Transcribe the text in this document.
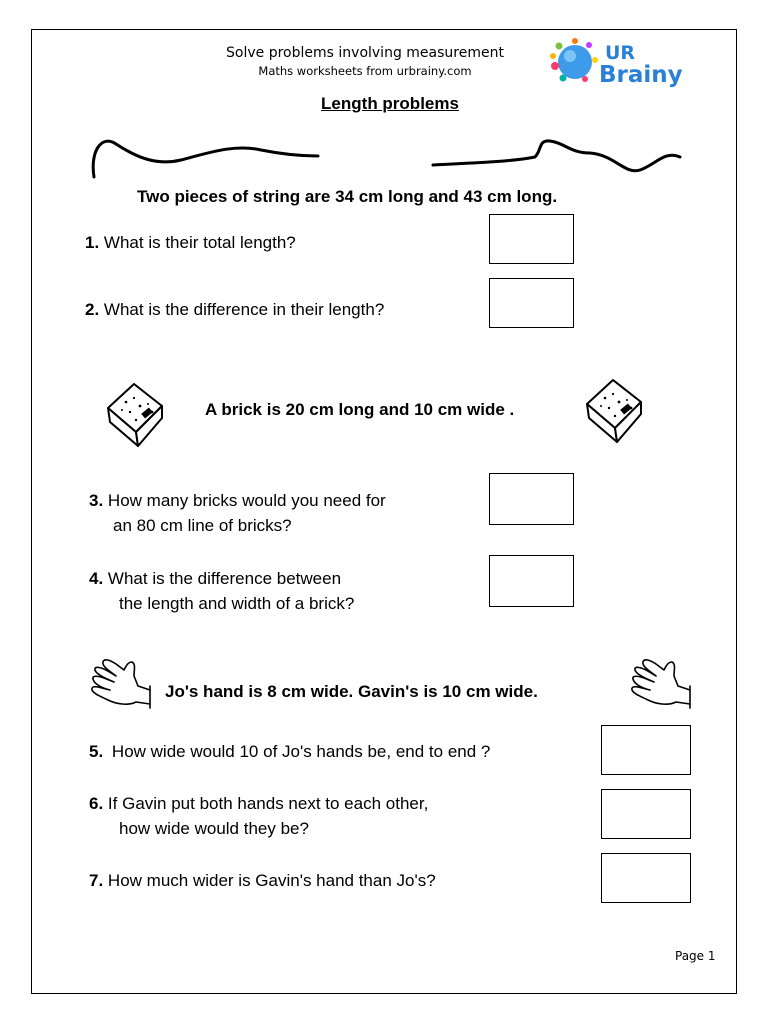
Solve problems involving measurement
Maths worksheets from urbrainy.com
UR
Brainy
Length problems
Two pieces of string are 34 cm long and 43 cm long.
1. What is their total length?
2. What is the difference in their length?
A brick is 20 cm long and 10 cm wide .
3. How many bricks would you need for
an 80 cm line of bricks?
4. What is the difference between
the length and width of a brick?
Jo's hand is 8 cm wide. Gavin's is 10 cm wide.
5. How wide would 10 of Jo's hands be, end to end ?
6. If Gavin put both hands next to each other,
how wide would they be?
7. How much wider is Gavin's hand than Jo's?
Page 1
